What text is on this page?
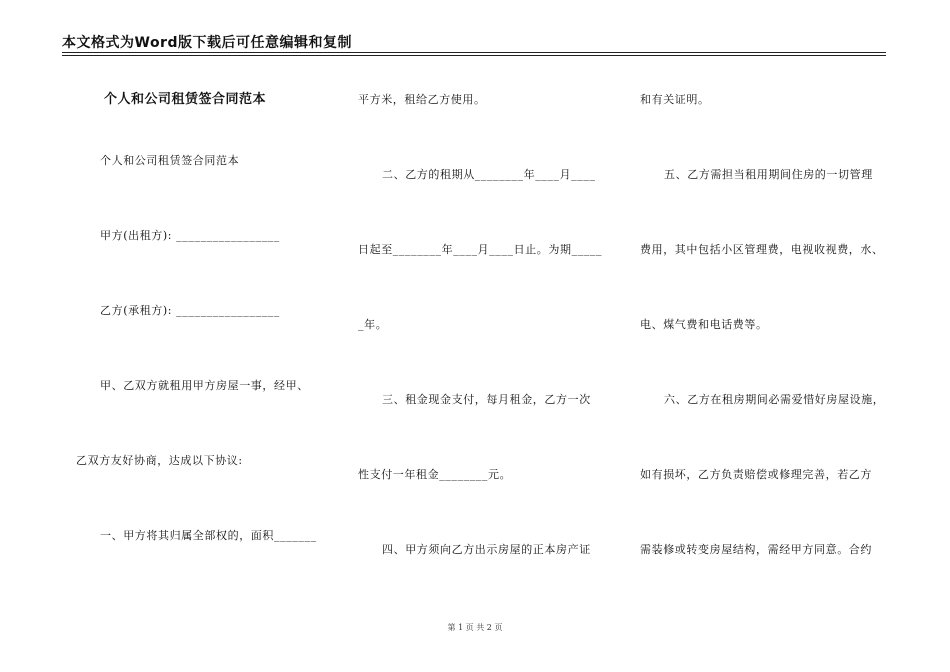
本文格式为Word版下载后可任意编辑和复制
个人和公司租赁签合同范本
个人和公司租赁签合同范本
甲方(出租方): _________________
乙方(承租方): _________________
甲、乙双方就租用甲方房屋一事，经甲、
乙双方友好协商，达成以下协议:
一、甲方将其归属全部权的，面积_______
平方米，租给乙方使用。
二、乙方的租期从________年____月____
日起至________年____月____日止。为期_____
_年。
三、租金现金支付，每月租金，乙方一次
性支付一年租金________元。
四、甲方须向乙方出示房屋的正本房产证
和有关证明。
五、乙方需担当租用期间住房的一切管理
费用，其中包括小区管理费，电视收视费，水、
电、煤气费和电话费等。
六、乙方在租房期间必需爱惜好房屋设施，
如有损坏，乙方负责赔偿或修理完善，若乙方
需装修或转变房屋结构，需经甲方同意。合约
第 1 页 共 2 页
